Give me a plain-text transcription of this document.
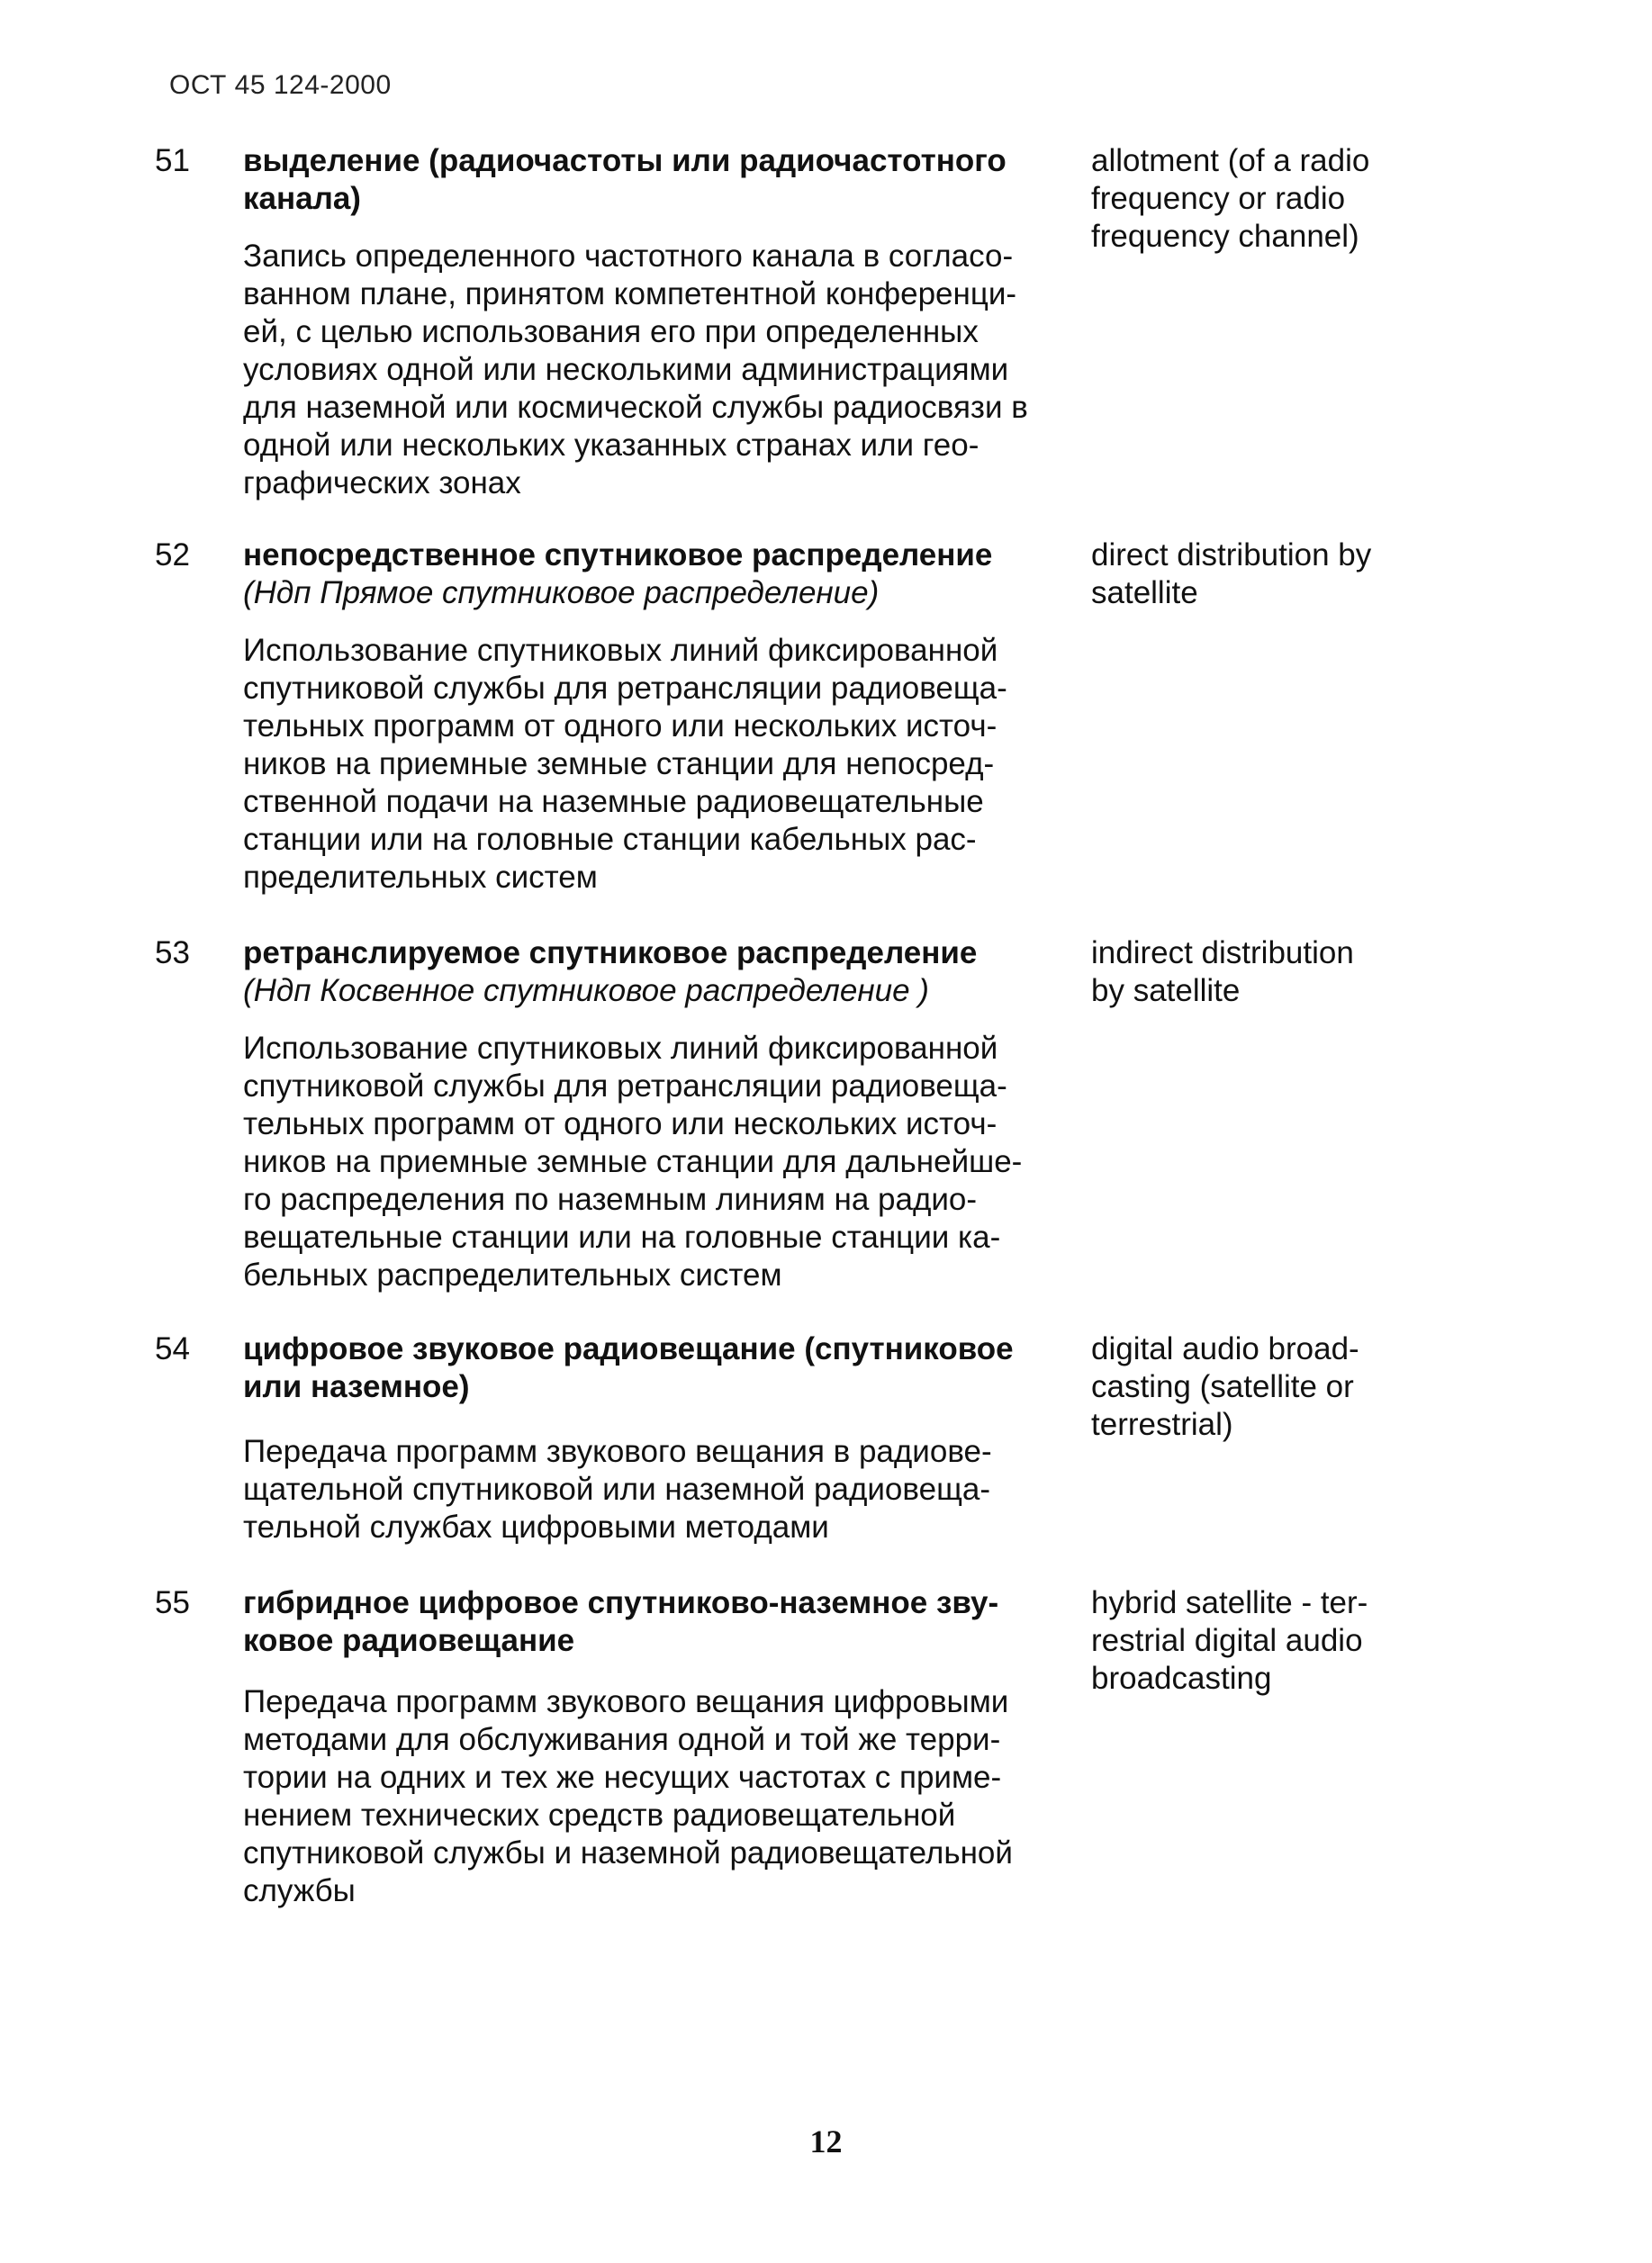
ОСТ 45 124-2000
51	выделение (радиочастоты или радиочастотного
канала)
Запись определенного частотного канала в согласо-
ванном плане, принятом компетентной конференци-
ей, с целью использования его при определенных
условиях одной или несколькими администрациями
для наземной или космической службы радиосвязи в
одной или нескольких указанных странах или гео-
графических зонах
allotment (of a radio
frequency or radio
frequency channel)
52	непосредственное спутниковое распределение
(Ндп Прямое спутниковое распределение)
Использование спутниковых линий фиксированной
спутниковой службы для ретрансляции радиовеща-
тельных программ от одного или нескольких источ-
ников на приемные земные станции для непосред-
ственной подачи на наземные радиовещательные
станции или на головные станции кабельных рас-
пределительных систем
direct distribution by
satellite
53	ретранслируемое спутниковое распределение
(Ндп Косвенное спутниковое распределение )
Использование спутниковых линий фиксированной
спутниковой службы для ретрансляции радиовеща-
тельных программ от одного или нескольких источ-
ников на приемные земные станции для дальнейше-
го распределения по наземным линиям на радио-
вещательные станции или на головные станции ка-
бельных распределительных систем
indirect distribution
by satellite
54	цифровое звуковое радиовещание (спутниковое
или наземное)
Передача программ звукового вещания в радиове-
щательной спутниковой или наземной радиовеща-
тельной службах цифровыми методами
digital audio broad-
casting (satellite or
terrestrial)
55	гибридное цифровое спутниково-наземное зву-
ковое радиовещание
Передача программ звукового вещания цифровыми
методами для обслуживания одной и той же терри-
тории на одних и тех же несущих частотах с приме-
нением технических средств радиовещательной
спутниковой службы и наземной радиовещательной
службы
hybrid satellite - ter-
restrial digital audio
broadcasting
12
